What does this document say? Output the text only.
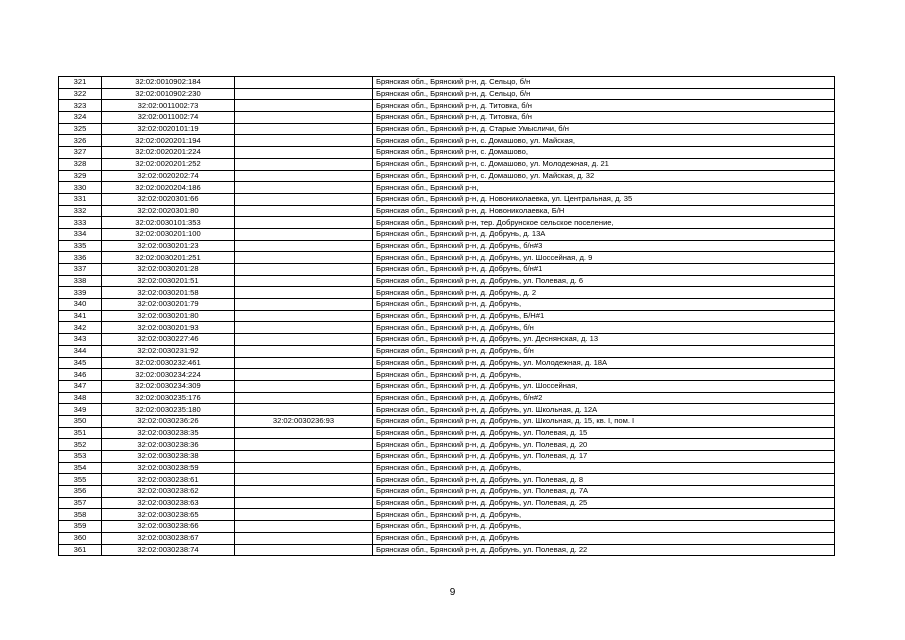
321	32:02:0010902:184		Брянская обл., Брянский р-н, д. Сельцо, б/н
322	32:02:0010902:230		Брянская обл., Брянский р-н, д. Сельцо, б/н
323	32:02:0011002:73		Брянская обл., Брянский р-н, д. Титовка, б/н
324	32:02:0011002:74		Брянская обл., Брянский р-н, д. Титовка, б/н
325	32:02:0020101:19		Брянская обл., Брянский р-н, д. Старые Умысличи, б/н
326	32:02:0020201:194		Брянская обл., Брянский р-н, с. Домашово, ул. Майская,
327	32:02:0020201:224		Брянская обл., Брянский р-н, с. Домашово,
328	32:02:0020201:252		Брянская обл., Брянский р-н, с. Домашово, ул. Молодежная, д. 21
329	32:02:0020202:74		Брянская обл., Брянский р-н, с. Домашово, ул. Майская, д. 32
330	32:02:0020204:186		Брянская обл., Брянский р-н,
331	32:02:0020301:66		Брянская обл., Брянский р-н, д. Новониколаевка, ул. Центральная, д. 35
332	32:02:0020301:80		Брянская обл., Брянский р-н, д. Новониколаевка, Б/Н
333	32:02:0030101:353		Брянская обл., Брянский р-н, тер. Добрунское сельское поселение,
334	32:02:0030201:100		Брянская обл., Брянский р-н, д. Добрунь, д. 13А
335	32:02:0030201:23		Брянская обл., Брянский р-н, д. Добрунь, б/н#3
336	32:02:0030201:251		Брянская обл., Брянский р-н, д. Добрунь, ул. Шоссейная, д. 9
337	32:02:0030201:28		Брянская обл., Брянский р-н, д. Добрунь, б/н#1
338	32:02:0030201:51		Брянская обл., Брянский р-н, д. Добрунь, ул. Полевая, д. 6
339	32:02:0030201:58		Брянская обл., Брянский р-н, д. Добрунь, д. 2
340	32:02:0030201:79		Брянская обл., Брянский р-н, д. Добрунь,
341	32:02:0030201:80		Брянская обл., Брянский р-н, д. Добрунь, Б/Н#1
342	32:02:0030201:93		Брянская обл., Брянский р-н, д. Добрунь, б/н
343	32:02:0030227:46		Брянская обл., Брянский р-н, д. Добрунь, ул. Деснянская, д. 13
344	32:02:0030231:92		Брянская обл., Брянский р-н, д. Добрунь, б/н
345	32:02:0030232:461		Брянская обл., Брянский р-н, д. Добрунь, ул. Молодежная, д. 18А
346	32:02:0030234:224		Брянская обл., Брянский р-н, д. Добрунь,
347	32:02:0030234:309		Брянская обл., Брянский р-н, д. Добрунь, ул. Шоссейная,
348	32:02:0030235:176		Брянская обл., Брянский р-н, д. Добрунь, б/н#2
349	32:02:0030235:180		Брянская обл., Брянский р-н, д. Добрунь, ул. Школьная, д. 12А
350	32:02:0030236:26	32:02:0030236:93	Брянская обл., Брянский р-н, д. Добрунь, ул. Школьная, д. 15, кв. I, пом. I
351	32:02:0030238:35		Брянская обл., Брянский р-н, д. Добрунь, ул. Полевая, д. 15
352	32:02:0030238:36		Брянская обл., Брянский р-н, д. Добрунь, ул. Полевая, д. 20
353	32:02:0030238:38		Брянская обл., Брянский р-н, д. Добрунь, ул. Полевая, д. 17
354	32:02:0030238:59		Брянская обл., Брянский р-н, д. Добрунь,
355	32:02:0030238:61		Брянская обл., Брянский р-н, д. Добрунь, ул. Полевая, д. 8
356	32:02:0030238:62		Брянская обл., Брянский р-н, д. Добрунь, ул. Полевая, д. 7А
357	32:02:0030238:63		Брянская обл., Брянский р-н, д. Добрунь, ул. Полевая, д. 25
358	32:02:0030238:65		Брянская обл., Брянский р-н, д. Добрунь,
359	32:02:0030238:66		Брянская обл., Брянский р-н, д. Добрунь,
360	32:02:0030238:67		Брянская обл., Брянский р-н, д. Добрунь
361	32:02:0030238:74		Брянская обл., Брянский р-н, д. Добрунь, ул. Полевая, д. 22
9
